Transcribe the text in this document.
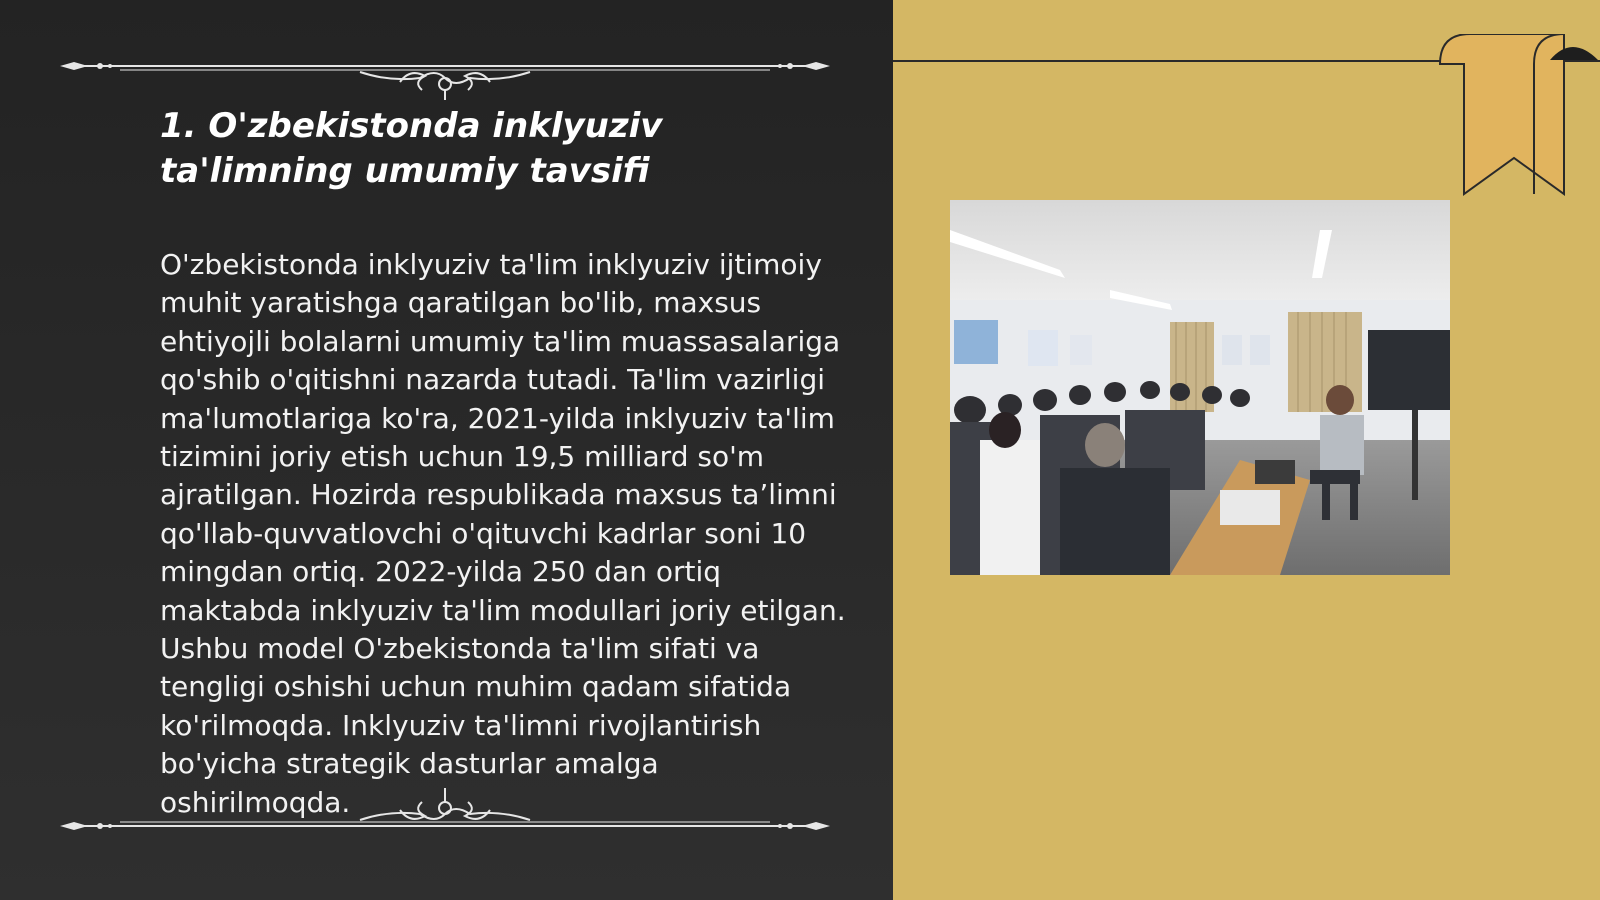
1. O'zbekistonda inklyuziv ta'limning umumiy tavsifi

O'zbekistonda inklyuziv ta'lim inklyuziv ijtimoiy muhit yaratishga qaratilgan bo'lib, maxsus ehtiyojli bolalarni umumiy ta'lim muassasalariga qo'shib o'qitishni nazarda tutadi. Ta'lim vazirligi ma'lumotlariga ko'ra, 2021-yilda inklyuziv ta'lim tizimini joriy etish uchun 19,5 milliard so'm ajratilgan. Hozirda respublikada maxsus ta’limni qo'llab-quvvatlovchi o'qituvchi kadrlar soni 10 mingdan ortiq. 2022-yilda 250 dan ortiq maktabda inklyuziv ta'lim modullari joriy etilgan. Ushbu model O'zbekistonda ta'lim sifati va tengligi oshishi uchun muhim qadam sifatida ko'rilmoqda. Inklyuziv ta'limni rivojlantirish bo'yicha strategik dasturlar amalga oshirilmoqda.
